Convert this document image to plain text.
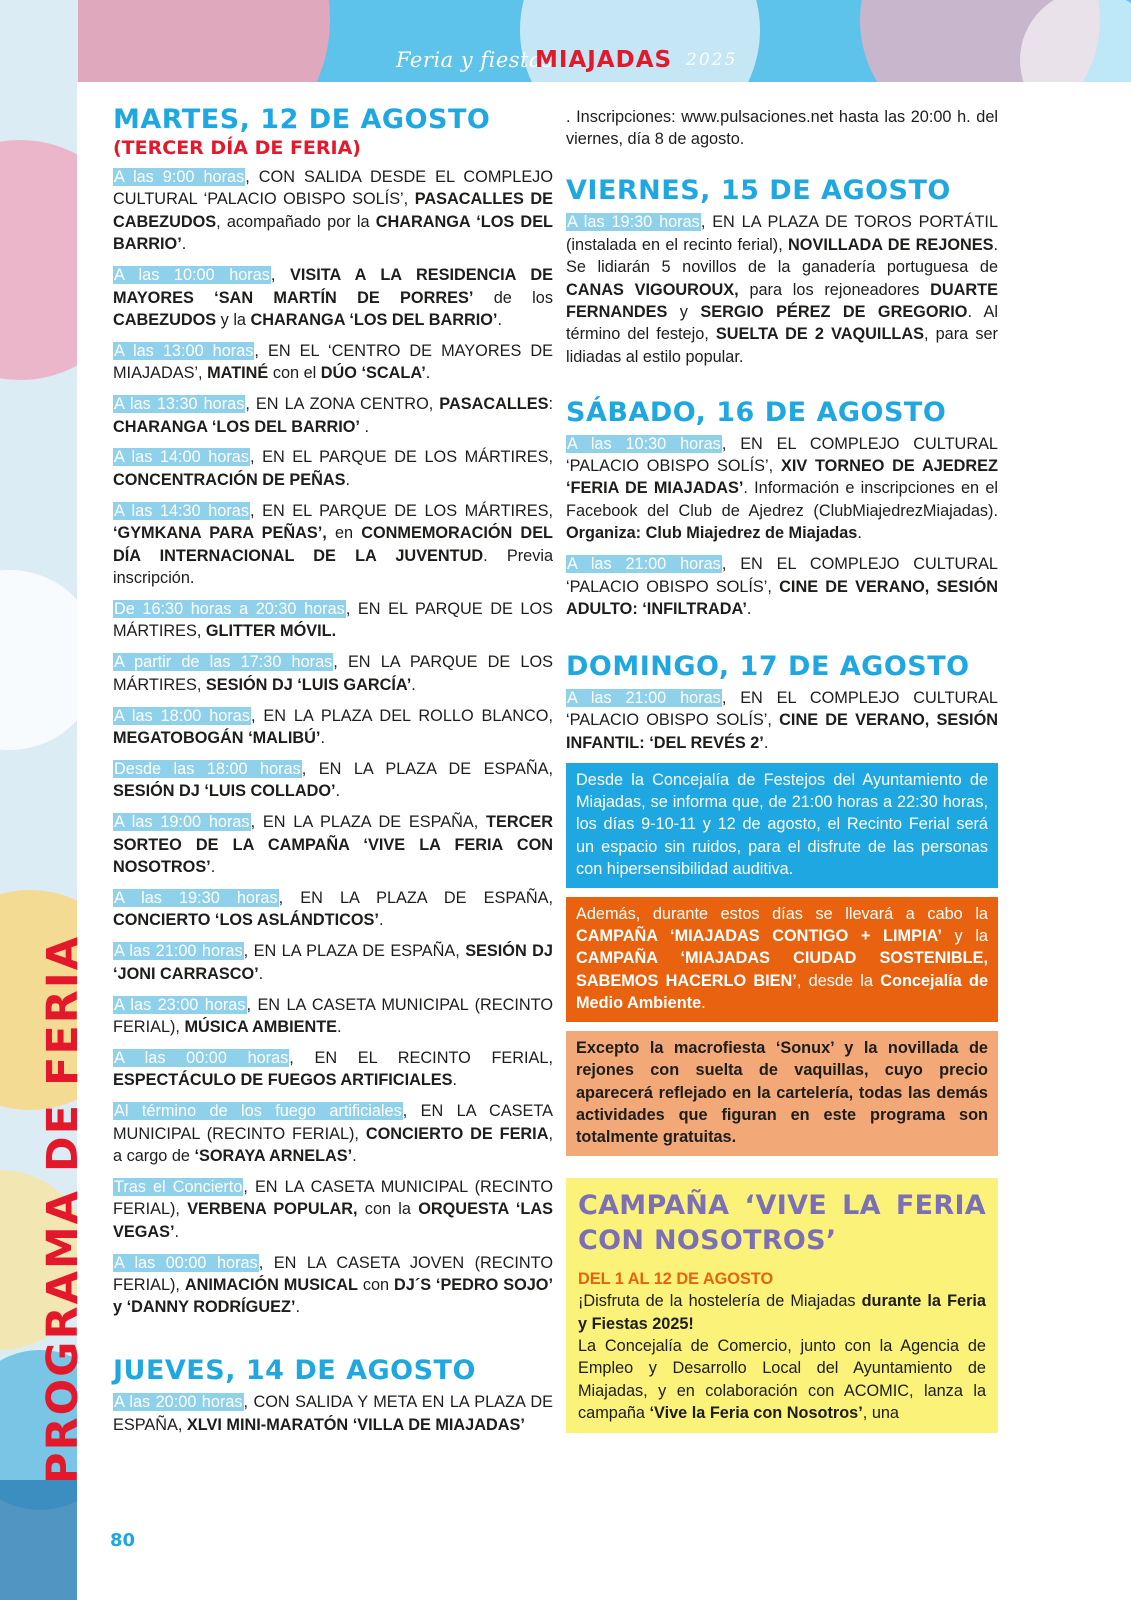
Feria y fiestas
MIAJADAS 2025
PROGRAMA DE FERIA
80
MARTES, 12 DE AGOSTO
(TERCER DÍA DE FERIA)

A las 9:00 horas, CON SALIDA DESDE EL COMPLEJO CULTURAL ‘PALACIO OBISPO SOLÍS’, PASACALLES DE CABEZUDOS, acompañado por la CHARANGA ‘LOS DEL BARRIO’.

A las 10:00 horas, VISITA A LA RESIDENCIA DE MAYORES ‘SAN MARTÍN DE PORRES’ de los CABEZUDOS y la CHARANGA ‘LOS DEL BARRIO’.

A las 13:00 horas, EN EL ‘CENTRO DE MAYORES DE MIAJADAS’, MATINÉ con el DÚO ‘SCALA’.

A las 13:30 horas, EN LA ZONA CENTRO, PASACALLES: CHARANGA ‘LOS DEL BARRIO’ .

A las 14:00 horas, EN EL PARQUE DE LOS MÁRTIRES, CONCENTRACIÓN DE PEÑAS.

A las 14:30 horas, EN EL PARQUE DE LOS MÁRTIRES, ‘GYMKANA PARA PEÑAS’, en CONMEMORACIÓN DEL DÍA INTERNACIONAL DE LA JUVENTUD. Previa inscripción.

De 16:30 horas a 20:30 horas, EN EL PARQUE DE LOS MÁRTIRES, GLITTER MÓVIL.

A partir de las 17:30 horas, EN LA PARQUE DE LOS MÁRTIRES, SESIÓN DJ ‘LUIS GARCÍA’.

A las 18:00 horas, EN LA PLAZA DEL ROLLO BLANCO, MEGATOBOGÁN ‘MALIBÚ’.

Desde las 18:00 horas, EN LA PLAZA DE ESPAÑA, SESIÓN DJ ‘LUIS COLLADO’.

A las 19:00 horas, EN LA PLAZA DE ESPAÑA, TERCER SORTEO DE LA CAMPAÑA ‘VIVE LA FERIA CON NOSOTROS’.

A las 19:30 horas, EN LA PLAZA DE ESPAÑA, CONCIERTO ‘LOS ASLÁNDTICOS’.

A las 21:00 horas, EN LA PLAZA DE ESPAÑA, SESIÓN DJ ‘JONI CARRASCO’.

A las 23:00 horas, EN LA CASETA MUNICIPAL (RECINTO FERIAL), MÚSICA AMBIENTE.

A las 00:00 horas, EN EL RECINTO FERIAL, ESPECTÁCULO DE FUEGOS ARTIFICIALES.

Al término de los fuego artificiales, EN LA CASETA MUNICIPAL (RECINTO FERIAL), CONCIERTO DE FERIA, a cargo de ‘SORAYA ARNELAS’.

Tras el Concierto, EN LA CASETA MUNICIPAL (RECINTO FERIAL), VERBENA POPULAR, con la ORQUESTA ‘LAS VEGAS’.

A las 00:00 horas, EN LA CASETA JOVEN (RECINTO FERIAL), ANIMACIÓN MUSICAL con DJ´S ‘PEDRO SOJO’ y ‘DANNY RODRÍGUEZ’.

JUEVES, 14 DE AGOSTO

A las 20:00 horas, CON SALIDA Y META EN LA PLAZA DE ESPAÑA, XLVI MINI-MARATÓN ‘VILLA DE MIAJADAS’

. Inscripciones: www.pulsaciones.net hasta las 20:00 h. del viernes, día 8 de agosto.

VIERNES, 15 DE AGOSTO

A las 19:30 horas, EN LA PLAZA DE TOROS PORTÁTIL (instalada en el recinto ferial), NOVILLADA DE REJONES. Se lidiarán 5 novillos de la ganadería portuguesa de CANAS VIGOUROUX, para los rejoneadores DUARTE FERNANDES y SERGIO PÉREZ DE GREGORIO. Al término del festejo, SUELTA DE 2 VAQUILLAS, para ser lidiadas al estilo popular.

SÁBADO, 16 DE AGOSTO

A las 10:30 horas, EN EL COMPLEJO CULTURAL ‘PALACIO OBISPO SOLÍS’, XIV TORNEO DE AJEDREZ ‘FERIA DE MIAJADAS’. Información e inscripciones en el Facebook del Club de Ajedrez (ClubMiajedrezMiajadas). Organiza: Club Miajedrez de Miajadas.

A las 21:00 horas, EN EL COMPLEJO CULTURAL ‘PALACIO OBISPO SOLÍS’, CINE DE VERANO, SESIÓN ADULTO: ‘INFILTRADA’.

DOMINGO, 17 DE AGOSTO

A las 21:00 horas, EN EL COMPLEJO CULTURAL ‘PALACIO OBISPO SOLÍS’, CINE DE VERANO, SESIÓN INFANTIL: ‘DEL REVÉS 2’.

Desde la Concejalía de Festejos del Ayuntamiento de Miajadas, se informa que, de 21:00 horas a 22:30 horas, los días 9-10-11 y 12 de agosto, el Recinto Ferial será un espacio sin ruidos, para el disfrute de las personas con hipersensibilidad auditiva.
Además, durante estos días se llevará a cabo la CAMPAÑA ‘MIAJADAS CONTIGO + LIMPIA’ y la CAMPAÑA ‘MIAJADAS CIUDAD SOSTENIBLE, SABEMOS HACERLO BIEN’, desde la Concejalía de Medio Ambiente.
Excepto la macrofiesta ‘Sonux’ y la novillada de rejones con suelta de vaquillas, cuyo precio aparecerá reflejado en la cartelería, todas las demás actividades que figuran en este programa son totalmente gratuitas.
CAMPAÑA ‘VIVE LA FERIA CON NOSOTROS’

DEL 1 AL 12 DE AGOSTO

¡Disfruta de la hostelería de Miajadas durante la Feria y Fiestas 2025!

La Concejalía de Comercio, junto con la Agencia de Empleo y Desarrollo Local del Ayuntamiento de Miajadas, y en colaboración con ACOMIC, lanza la campaña ‘Vive la Feria con Nosotros’, una
